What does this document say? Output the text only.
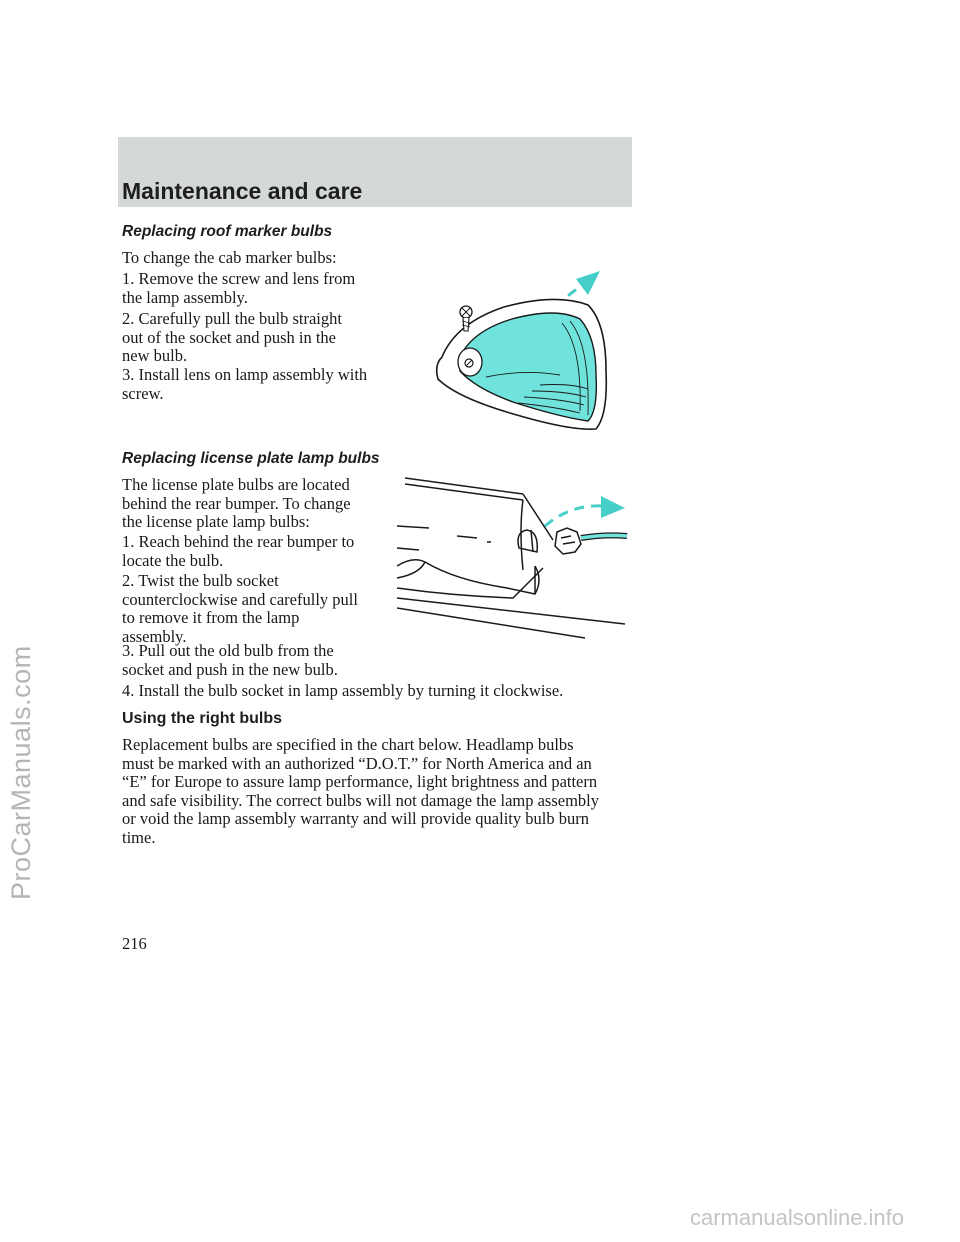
ProCarManuals.com
Maintenance and care
Replacing roof marker bulbs

To change the cab marker bulbs:

1. Remove the screw and lens from
the lamp assembly.

2. Carefully pull the bulb straight
out of the socket and push in the
new bulb.

3. Install lens on lamp assembly with
screw.

Replacing license plate lamp bulbs

The license plate bulbs are located
behind the rear bumper. To change
the license plate lamp bulbs:

1. Reach behind the rear bumper to
locate the bulb.

2. Twist the bulb socket
counterclockwise and carefully pull
to remove it from the lamp
assembly.

3. Pull out the old bulb from the
socket and push in the new bulb.

4. Install the bulb socket in lamp assembly by turning it clockwise.

Using the right bulbs

Replacement bulbs are specified in the chart below. Headlamp bulbs
must be marked with an authorized “D.O.T.” for North America and an
“E” for Europe to assure lamp performance, light brightness and pattern
and safe visibility. The correct bulbs will not damage the lamp assembly
or void the lamp assembly warranty and will provide quality bulb burn
time.

216

carmanualsonline.info
